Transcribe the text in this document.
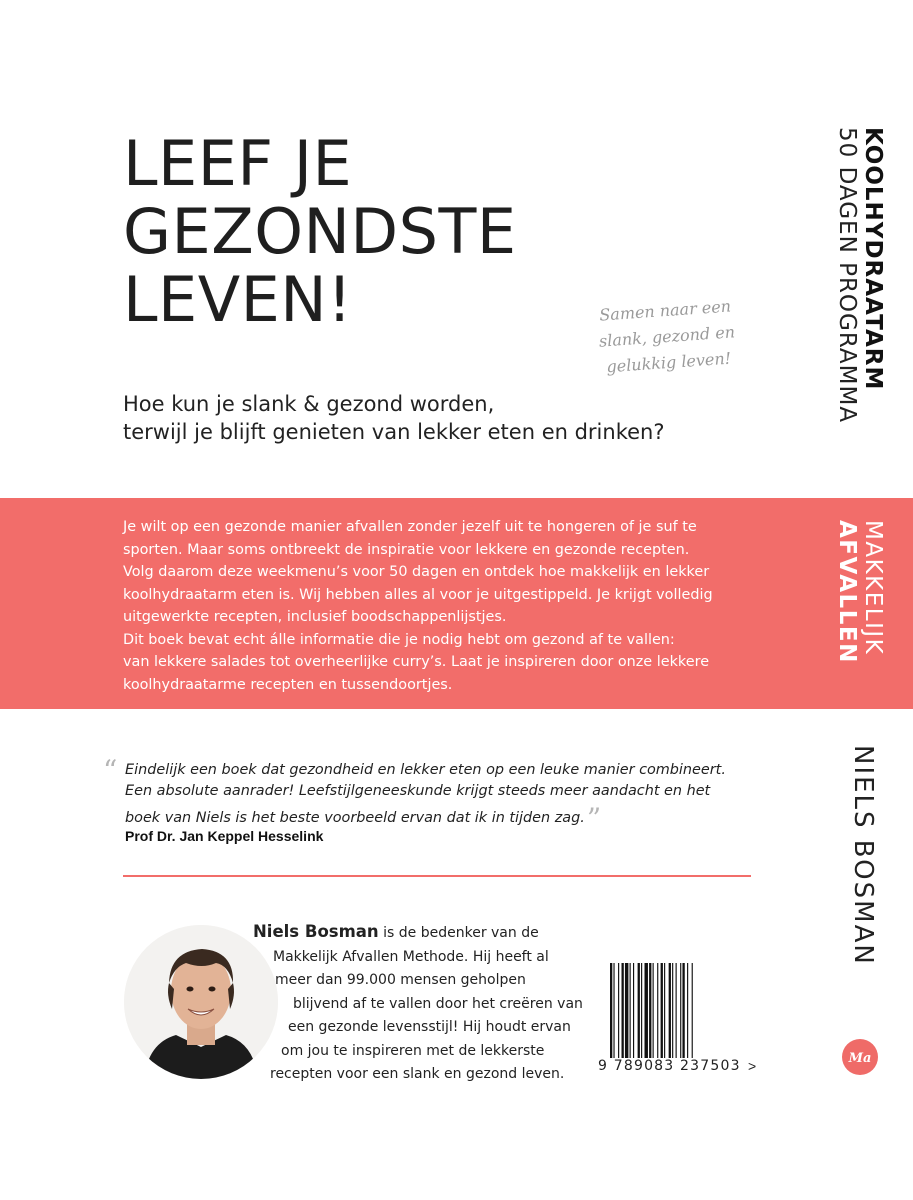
LEEF JE
GEZONDSTE
LEVEN!	Samen naar een
slank, gezond en
gelukkig leven!

Hoe kun je slank & gezond worden,
terwijl je blijft genieten van lekker eten en drinken?

KOOLHYDRAATARM
50 DAGEN PROGRAMMA
Je wilt op een gezonde manier afvallen zonder jezelf uit te hongeren of je suf te
sporten. Maar soms ontbreekt de inspiratie voor lekkere en gezonde recepten.
Volg daarom deze weekmenu’s voor 50 dagen en ontdek hoe makkelijk en lekker
koolhydraatarm eten is. Wij hebben alles al voor je uitgestippeld. Je krijgt volledig
uitgewerkte recepten, inclusief boodschappenlijstjes.
Dit boek bevat echt álle informatie die je nodig hebt om gezond af te vallen:
van lekkere salades tot overheerlijke curry’s. Laat je inspireren door onze lekkere
koolhydraatarme recepten en tussendoortjes.
MAKKELIJK
AFVALLEN
“ Eindelijk een boek dat gezondheid en lekker eten op een leuke manier combineert.
Een absolute aanrader! Leefstijlgeneeskunde krijgt steeds meer aandacht en het
boek van Niels is het beste voorbeeld ervan dat ik in tijden zag.”
Prof Dr. Jan Keppel Hesselink	NIELS BOSMAN
Niels Bosman is de bedenker van de
Makkelijk Afvallen Methode. Hij heeft al
meer dan 99.000 mensen geholpen
blijvend af te vallen door het creëren van
een gezonde levensstijl! Hij houdt ervan
om jou te inspireren met de lekkerste
recepten voor een slank en gezond leven.	9 789083 237503 >	Ma
